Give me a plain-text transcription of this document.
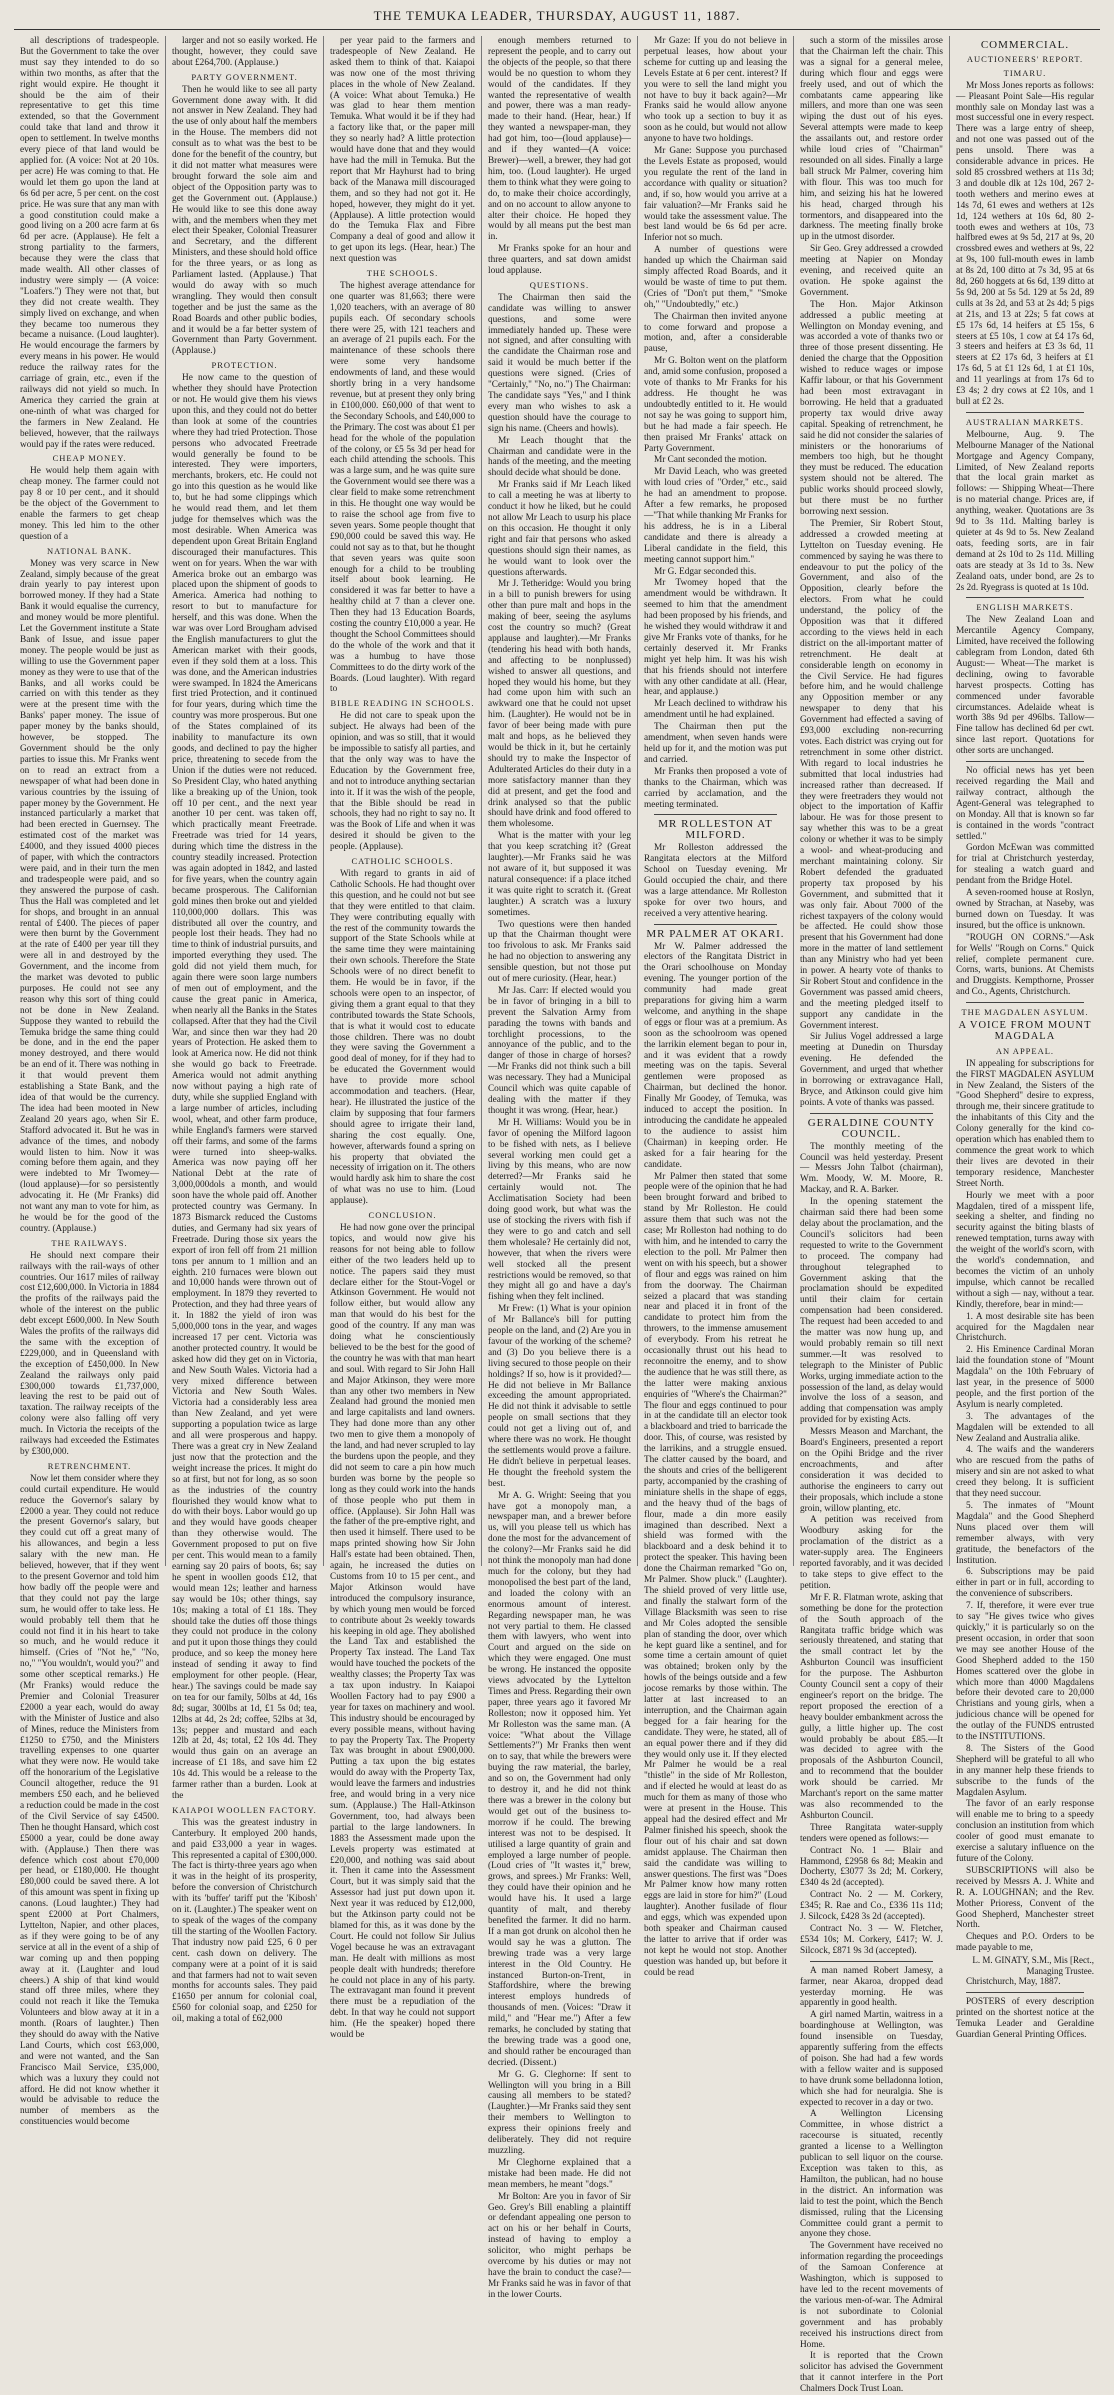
THE TEMUKA LEADER, THURSDAY, AUGUST 11, 1887.

all descriptions of tradespeople. But the Government to take the over must say they intended to do so within two months, as after that the right would expire. He thought it should be the aim of their representative to get this time extended, so that the Government could take that land and throw it open to settlement. In twelve months every piece of that land would be applied for. (A voice: Not at 20 10s. per acre) He was coming to that. He would let them go upon the land at 6s 6d per acre, 5 per cent. on the cost price. He was sure that any man with a good constitution could make a good living on a 200 acre farm at 6s 6d per acre. (Applause). He felt a strong partiality to the farmers, because they were the class that made wealth. All other classes of industry were simply — (A voice: "Loafers.") They were not that, but they did not create wealth. They simply lived on exchange, and when they became too numerous they became a nuisance. (Loud laughter). He would encourage the farmers by every means in his power. He would reduce the railway rates for the carriage of grain, etc., even if the railways did not yield so much. In America they carried the grain at one-ninth of what was charged for the farmers in New Zealand. He believed, however, that the railways would pay if the rates were reduced.

CHEAP MONEY.

He would help them again with cheap money. The farmer could not pay 8 or 10 per cent., and it should be the object of the Government to enable the farmers to get cheap money. This led him to the other question of a

NATIONAL BANK.

Money was very scarce in New Zealand, simply because of the great drain yearly to pay interest upon borrowed money. If they had a State Bank it would equalise the currency, and money would be more plentiful. Let the Government institute a State Bank of Issue, and issue paper money. The people would be just as willing to use the Government paper money as they were to use that of the Banks, and all works could be carried on with this tender as they were at the present time with the Banks' paper money. The issue of paper money by the banks should, however, be stopped. The Government should be the only parties to issue this. Mr Franks went on to read an extract from a newspaper of what had been done in various countries by the issuing of paper money by the Government. He instanced particularly a market that had been erected in Guernsey. The estimated cost of the market was £4000, and they issued 4000 pieces of paper, with which the contractors were paid, and in their turn the men and tradespeople were paid, and so they answered the purpose of cash. Thus the Hall was completed and let for shops, and brought in an annual rental of £400. The pieces of paper were then burnt by the Government at the rate of £400 per year till they were all in and destroyed by the Government, and the income from the market was devoted to public purposes. He could not see any reason why this sort of thing could not be done in New Zealand. Suppose they wanted to rebuild the Temuka bridge the same thing could be done, and in the end the paper money destroyed, and there would be an end of it. There was nothing in it that would prevent them establishing a State Bank, and the idea of that would be the currency. The idea had been mooted in New Zealand 20 years ago, when Sir E. Stafford advocated it. But he was in advance of the times, and nobody would listen to him. Now it was coming before them again, and they were indebted to Mr Twomey—(loud applause)—for so persistently advocating it. He (Mr Franks) did not want any man to vote for him, as he would be for the good of the country. (Applause.)

THE RAILWAYS.

He should next compare their railways with the rail-ways of other countries. Our 1617 miles of railway cost £12,600,000. In Victoria in 1884 the profits of the railways paid the whole of the interest on the public debt except £600,000. In New South Wales the profits of the railways did the same with the exception of £229,000, and in Queensland with the exception of £450,000. In New Zealand the railways only paid £300,000 towards £1,737,000, leaving the rest to be paid out of taxation. The railway receipts of the colony were also falling off very much. In Victoria the receipts of the railways had exceeded the Estimates by £300,000.

RETRENCHMENT.

Now let them consider where they could curtail expenditure. He would reduce the Governor's salary by £2000 a year. They could not reduce the present Governor's salary, but they could cut off a great many of his allowances, and begin a less salary with the new man. He believed, however, that if they went to the present Governor and told him how badly off the people were and that they could not pay the large sum, he would offer to take less. He would probably tell them that he could not find it in his heart to take so much, and he would reduce it himself. (Cries of "Not he," "No, no," "You wouldn't, would you?" and some other sceptical remarks.) He (Mr Franks) would reduce the Premier and Colonial Treasurer £2000 a year each, would do away with the Minister of Justice and also of Mines, reduce the Ministers from £1250 to £750, and the Ministers travelling expenses to one quarter what they were now. He would take off the honorarium of the Legislative Council altogether, reduce the 91 members £50 each, and he believed a reduction could be made in the cost of the Civil Service of say £4500. Then he thought Hansard, which cost £5000 a year, could be done away with. (Applause.) Then there was defence which cost about £70,000 per head, or £180,000. He thought £80,000 could be saved there. A lot of this amount was spent in fixing up canons. (Loud laughter.) They had spent £2000 at Port Chalmers, Lyttelton, Napier, and other places, as if they were going to be of any service at all in the event of a ship of war coming up and then popping away at it. (Laughter and loud cheers.) A ship of that kind would stand off three miles, where they could not reach it like the Temuka Volunteers and blow away at it in a month. (Roars of laughter.) Then they should do away with the Native Land Courts, which cost £63,000, and were not wanted, and the San Francisco Mail Service, £35,000, which was a luxury they could not afford. He did not know whether it would be advisable to reduce the number of members as the constituencies would become

larger and not so easily worked. He thought, however, they could save about £264,700. (Applause.)

PARTY GOVERNMENT.

Then he would like to see all party Government done away with. It did not answer in New Zealand. They had the use of only about half the members in the House. The members did not consult as to what was the best to be done for the benefit of the country, but it did not matter what measures were brought forward the sole aim and object of the Opposition party was to get the Government out. (Applause.) He would like to see this done away with, and the members when they met elect their Speaker, Colonial Treasurer and Secretary, and the different Ministers, and these should hold office for the three years, or as long as Parliament lasted. (Applause.) That would do away with so much wrangling. They would then consult together and be just the same as the Road Boards and other public bodies, and it would be a far better system of Government than Party Government. (Applause.)

PROTECTION.

He now came to the question of whether they should have Protection or not. He would give them his views upon this, and they could not do better than look at some of the countries where they had tried Protection. Those persons who advocated Freetrade would generally be found to be interested. They were importers, merchants, brokers, etc. He could not go into this question as he would like to, but he had some clippings which he would read them, and let them judge for themselves which was the most desirable. When America was dependent upon Great Britain England discouraged their manufactures. This went on for years. When the war with America broke out an embargo was placed upon the shipment of goods to America. America had nothing to resort to but to manufacture for herself, and this was done. When the war was over Lord Brougham advised the English manufacturers to glut the American market with their goods, even if they sold them at a loss. This was done, and the American industries were swamped. In 1824 the Americans first tried Protection, and it continued for four years, during which time the country was more prosperous. But one of the States complained of its inability to manufacture its own goods, and declined to pay the higher price, threatening to secede from the Union if the duties were not reduced. So President Clay, who hated anything like a breaking up of the Union, took off 10 per cent., and the next year another 10 per cent. was taken off, which practically meant Freetrade. Freetrade was tried for 14 years, during which time the distress in the country steadily increased. Protection was again adopted in 1842, and lasted for five years, when the country again became prosperous. The Californian gold mines then broke out and yielded 110,000,000 dollars. This was distributed all over the country, and people lost their heads. They had no time to think of industrial pursuits, and imported everything they used. The gold did not yield them much, for again there were soon large numbers of men out of employment, and the cause the great panic in America, when nearly all the Banks in the States collapsed. After that they had the Civil War, and since then war they had 20 years of Protection. He asked them to look at America now. He did not think she would go back to Freetrade. America would not admit anything now without paying a high rate of duty, while she supplied England with a large number of articles, including wool, wheat, and other farm produce, while England's farmers were starved off their farms, and some of the farms were turned into sheep-walks. America was now paying off her National Debt at the rate of 3,000,000dols a month, and would soon have the whole paid off. Another protected country was Germany. In 1873 Bismarck reduced the Customs duties, and Germany had six years of Freetrade. During those six years the export of iron fell off from 21 million tons per annum to 1 million and an eighth. 210 furnaces were blown out and 10,000 hands were thrown out of employment. In 1879 they reverted to Protection, and they had three years of it. In 1882 the yield of iron was 5,000,000 tons in the year, and wages increased 17 per cent. Victoria was another protected country. It would be asked how did they get on in Victoria, and New South Wales. Victoria had a very mixed difference between Victoria and New South Wales. Victoria had a considerably less area than New Zealand, and yet were supporting a population twice as large and all were prosperous and happy. There was a great cry in New Zealand just now that the protection and the weight increase the prices. It might do so at first, but not for long, as so soon as the industries of the country flourished they would know what to do with their boys. Labor would go up and they would have goods cheaper than they otherwise would. The Government proposed to put on five per cent. This would mean to a family earning say 20 pairs of boots, 6s; say he spent in woollen goods £12, that would mean 12s; leather and harness say would be 10s; other things, say 10s; making a total of £1 18s. They should take the duties off those things they could not produce in the colony and put it upon those things they could produce, and so keep the money here instead of sending it away to find employment for other people. (Hear, hear.) The savings could be made say on tea for our family, 50lbs at 4d, 16s 8d; sugar, 300lbs at 1d, £1 5s 0d; tea, 12lbs at 4d, 2s 2d; coffee, 52lbs at 3d, 13s; pepper and mustard and each 12lb at 2d, 4s; total, £2 10s 4d. They would thus gain on an average an increase of £1 18s, and save him £2 10s 4d. This would be a release to the farmer rather than a burden. Look at the

KAIAPOI WOOLLEN FACTORY.

This was the greatest industry in Canterbury. It employed 200 hands, and paid £33,000 a year in wages. This represented a capital of £300,000. The fact is thirty-three years ago when it was in the height of its prosperity, before the conversion of Christchurch with its 'buffer' tariff put the 'Kibosh' on it. (Laughter.) The speaker went on to speak of the wages of the company till the starting of the Woollen Factory. That industry now paid £25, 6 0 per cent. cash down on delivery. The company were at a point of it is said and that farmers had not to wait seven months for accounts sales. They paid £1650 per annum for colonial coal, £560 for colonial soap, and £250 for oil, making a total of £62,000

per year paid to the farmers and tradespeople of New Zealand. He asked them to think of that. Kaiapoi was now one of the most thriving places in the whole of New Zealand. (A voice: What about Temuka.) He was glad to hear them mention Temuka. What would it be if they had a factory like that, or the paper mill they so nearly had? A little protection would have done that and they would have had the mill in Temuka. But the report that Mr Hayhurst had to bring back of the Manawa mill discouraged them, and so they had not got it. He hoped, however, they might do it yet. (Applause). A little protection would do the Temuka Flax and Fibre Company a deal of good and allow it to get upon its legs. (Hear, hear.) The next question was

THE SCHOOLS.

The highest average attendance for one quarter was 81,663; there were 1,020 teachers, with an average of 80 pupils each. Of secondary schools there were 25, with 121 teachers and an average of 21 pupils each. For the maintenance of these schools there were some very handsome endowments of land, and these would shortly bring in a very handsome revenue, but at present they only bring in £100,000. £60,000 of that went to the Secondary Schools, and £40,000 to the Primary. The cost was about £1 per head for the whole of the population of the colony, or £5 5s 3d per head for each child attending the schools. This was a large sum, and he was quite sure the Government would see there was a clear field to make some retrenchment in this. He thought one way would be to raise the school age from five to seven years. Some people thought that £90,000 could be saved this way. He could not say as to that, but he thought that seven years was quite soon enough for a child to be troubling itself about book learning. He considered it was far better to have a healthy child at 7 than a clever one. Then they had 13 Education Boards, costing the country £10,000 a year. He thought the School Committees should do the whole of the work and that it was a humbug to have those Committees to do the dirty work of the Boards. (Loud laughter). With regard to

BIBLE READING IN SCHOOLS.

He did not care to speak upon the subject. He always had been of the opinion, and was so still, that it would be impossible to satisfy all parties, and that the only way was to have the Education by the Government free, and not to introduce anything sectarian into it. If it was the wish of the people, that the Bible should be read in schools, they had no right to say no. It was the Book of Life and when it was desired it should be given to the people. (Applause).

CATHOLIC SCHOOLS.

With regard to grants in aid of Catholic Schools. He had thought over this question, and he could not but see that they were entitled to that claim. They were contributing equally with the rest of the community towards the support of the State Schools while at the same time they were maintaining their own schools. Therefore the State Schools were of no direct benefit to them. He would be in favor, if the schools were open to an inspector, of giving them a grant equal to that they contributed towards the State Schools, that is what it would cost to educate those children. There was no doubt they were saving the Government a good deal of money, for if they had to be educated the Government would have to provide more school accommodation and teachers. (Hear, hear). He illustrated the justice of the claim by supposing that four farmers should agree to irrigate their land, sharing the cost equally. One, however, afterwards found a spring on his property that obviated the necessity of irrigation on it. The others would hardly ask him to share the cost of what was no use to him. (Loud applause).

CONCLUSION.

He had now gone over the principal topics, and would now give his reasons for not being able to follow either of the two leaders held up to notice. The papers said they must declare either for the Stout-Vogel or Atkinson Government. He would not follow either, but would allow any man that would do his best for the good of the country. If any man was doing what he conscientiously believed to be the best for the good of the country he was with that man heart and soul. With regard to Sir John Hall and Major Atkinson, they were more than any other two members in New Zealand had ground the monied men and large capitalists and land owners. They had done more than any other two men to give them a monopoly of the land, and had never scrupled to lay the burdens upon the people, and they did not seem to care a pin how much burden was borne by the people so long as they could work into the hands of those people who put them in office. (Applause). Sir John Hall was the father of the pre-emptive right, and then used it himself. There used to be maps printed showing how Sir John Hall's estate had been obtained. Then, again, he increased the duties on Customs from 10 to 15 per cent., and Major Atkinson would have introduced the compulsory insurance, by which young men would be forced to contribute about 2s weekly towards his keeping in old age. They abolished the Land Tax and established the Property Tax instead. The Land Tax would have touched the pockets of the wealthy classes; the Property Tax was a tax upon industry. In Kaiapoi Woollen Factory had to pay £900 a year for taxes on machinery and wool. This industry should be encouraged by every possible means, without having to pay the Property Tax. The Property Tax was brought in about £900,000. Putting a tax upon the big estates would do away with the Property Tax, would leave the farmers and industries free, and would bring in a very nice sum. (Applause.) The Hall-Atkinson Government, too, had always been partial to the large landowners. In 1883 the Assessment made upon the Levels property was estimated at £20,000, and nothing was said about it. Then it came into the Assessment Court, but it was simply said that the Assessor had just put down upon it. Next year it was reduced by £12,000, but the Atkinson party could not be blamed for this, as it was done by the Court. He could not follow Sir Julius Vogel because he was an extravagant man. He dealt with millions as most people dealt with hundreds; therefore he could not place in any of his party. The extravagant man found it prevent there must be a repudiation of the debt. In that way he could not support him. (He the speaker) hoped there would be

enough members returned to represent the people, and to carry out the objects of the people, so that there would be no question to whom they would of the candidates. If they wanted the representative of wealth and power, there was a man ready-made to their hand. (Hear, hear.) If they wanted a newspaper-man, they had got him, too—(loud applause)—and if they wanted—(A voice: Brewer)—well, a brewer, they had got him, too. (Loud laughter). He urged them to think what they were going to do, to make their choice accordingly, and on no account to allow anyone to alter their choice. He hoped they would by all means put the best man in.

Mr Franks spoke for an hour and three quarters, and sat down amidst loud applause.

QUESTIONS.

The Chairman then said the candidate was willing to answer questions, and some were immediately handed up. These were not signed, and after consulting with the candidate the Chairman rose and said it would be much better if the questions were signed. (Cries of "Certainly," "No, no.") The Chairman: The candidate says "Yes," and I think every man who wishes to ask a question should have the courage to sign his name. (Cheers and howls).

Mr Leach thought that the Chairman and candidate were in the hands of the meeting, and the meeting should decide what should be done.

Mr Franks said if Mr Leach liked to call a meeting he was at liberty to conduct it how he liked, but he could not allow Mr Leach to usurp his place on this occasion. He thought it only right and fair that persons who asked questions should sign their names, as he would want to look over the questions afterwards.

Mr J. Tetheridge: Would you bring in a bill to punish brewers for using other than pure malt and hops in the making of beer, seeing the asylums cost the country so much? (Great applause and laughter).—Mr Franks (tendering his head with both hands, and affecting to be nonplussed) wished to answer all questions, and hoped they would his home, but they had come upon him with such an awkward one that he could not upset him. (Laughter). He would not be in favor of beer being made with pure malt and hops, as he believed they would be thick in it, but he certainly should try to make the Inspector of Adulterated Articles do their duty in a more satisfactory manner than they did at present, and get the food and drink analysed so that the public should have drink and food offered to them wholesome.

What is the matter with your leg that you keep scratching it? (Great laughter).—Mr Franks said he was not aware of it, but supposed it was natural consequence: if a place itched it was quite right to scratch it. (Great laughter.) A scratch was a luxury sometimes.

Two questions were then handed up that the Chairman thought were too frivolous to ask. Mr Franks said he had no objection to answering any sensible question, but not those put out of mere curiosity. (Hear, hear.)

Mr Jas. Carr: If elected would you be in favor of bringing in a bill to prevent the Salvation Army from parading the towns with bands and torchlight processions, to the annoyance of the public, and to the danger of those in charge of horses?—Mr Franks did not think such a bill was necessary. They had a Municipal Council which was quite capable of dealing with the matter if they thought it was wrong. (Hear, hear.)

Mr H. Williams: Would you be in favor of opening the Milford lagoon to be fished with nets, as I believe several working men could get a living by this means, who are now deterred?—Mr Franks said he certainly would not. The Acclimatisation Society had been doing good work, but what was the use of stocking the rivers with fish if they were to go and catch and sell them wholesale? He certainly did not, however, that when the rivers were well stocked all the present restrictions would be removed, so that they might all go and have a day's fishing when they felt inclined.

Mr Frew: (1) What is your opinion of Mr Ballance's bill for putting people on the land, and (2) Are you in favour of the working of the scheme? and (3) Do you believe there is a living secured to those people on their holdings? If so, how is it provided?—He did not believe in Mr Ballance exceeding the amount appropriated. He did not think it advisable to settle people on small sections that they could not get a living out of, and where there was no work. He thought the settlements would prove a failure. He didn't believe in perpetual leases. He thought the freehold system the best.

Mr A. G. Wright: Seeing that you have got a monopoly man, a newspaper man, and a brewer before us, will you please tell us which has done the most for the advancement of the colony?—Mr Franks said he did not think the monopoly man had done much for the colony, but they had monopolised the best part of the land, and loaded the colony with an enormous amount of interest. Regarding newspaper man, he was not very partial to them. He classed them with lawyers, who went into Court and argued on the side on which they were engaged. One must be wrong. He instanced the opposite views advocated by the Lyttelton Times and Press. Regarding their own paper, three years ago it favored Mr Rolleston; now it opposed him. Yet Mr Rolleston was the same man. (A voice: "What about the Village Settlements?") Mr Franks then went on to say, that while the brewers were buying the raw material, the barley, and so on, the Government had only to destroy it, and he did not think there was a brewer in the colony but would get out of the business to-morrow if he could. The brewing interest was not to be despised. It utilised a large quantity of grain and employed a large number of people. (Loud cries of "It wastes it," brew, grows, and sprees.) Mr Franks: Well, they could have their opinion and he would have his. It used a large quantity of malt, and thereby benefited the farmer. It did no harm. If a man got drunk on alcohol then he would say he was a glutton. The brewing trade was a very large interest in the Old Country. He instanced Burton-on-Trent, in Staffordshire, where the brewing interest employs hundreds of thousands of men. (Voices: "Draw it mild," and "Hear me.") After a few remarks, he concluded by stating that the brewing trade was a good one, and should rather be encouraged than decried. (Dissent.)

Mr G. G. Cleghorne: If sent to Wellington will you bring in a Bill causing all members to be stated? (Laughter.)—Mr Franks said they sent their members to Wellington to express their opinions freely and deliberately. They did not require muzzling.

Mr Cleghorne explained that a mistake had been made. He did not mean members, he meant "dogs."

Mr Bolton: Are you in favor of Sir Geo. Grey's Bill enabling a plaintiff or defendant appealing one person to act on his or her behalf in Courts, instead of having to employ a solicitor, who might perhaps be overcome by his duties or may not have the brain to conduct the case?—Mr Franks said he was in favor of that in the lower Courts.

Mr Gaze: If you do not believe in perpetual leases, how about your scheme for cutting up and leasing the Levels Estate at 6 per cent. interest? If you were to sell the land might you not have to buy it back again?—Mr Franks said he would allow anyone who took up a section to buy it as soon as he could, but would not allow anyone to have two holdings.

Mr Gane: Suppose you purchased the Levels Estate as proposed, would you regulate the rent of the land in accordance with quality or situation? and, if so, how would you arrive at a fair valuation?—Mr Franks said he would take the assessment value. The best land would be 6s 6d per acre. Inferior not so much.

A number of questions were handed up which the Chairman said simply affected Road Boards, and it would be waste of time to put them. (Cries of "Don't put them," "Smoke oh," "Undoubtedly," etc.)

The Chairman then invited anyone to come forward and propose a motion, and, after a considerable pause,

Mr G. Bolton went on the platform and, amid some confusion, proposed a vote of thanks to Mr Franks for his address. He thought he was undoubtedly entitled to it. He would not say he was going to support him, but he had made a fair speech. He then praised Mr Franks' attack on Party Government.

Mr Cant seconded the motion.

Mr David Leach, who was greeted with loud cries of "Order," etc., said he had an amendment to propose. After a few remarks, he proposed—"That while thanking Mr Franks for his address, he is in a Liberal candidate and there is already a Liberal candidate in the field, this meeting cannot support him."

Mr G. Edgar seconded this.

Mr Twomey hoped that the amendment would be withdrawn. It seemed to him that the amendment had been proposed by his friends, and he wished they would withdraw it and give Mr Franks vote of thanks, for he certainly deserved it. Mr Franks might yet help him. It was his wish that his friends should not interfere with any other candidate at all. (Hear, hear, and applause.)

Mr Leach declined to withdraw his amendment until he had explained.

The Chairman then put the amendment, when seven hands were held up for it, and the motion was put and carried.

Mr Franks then proposed a vote of thanks to the Chairman, which was carried by acclamation, and the meeting terminated.

MR ROLLESTON AT MILFORD.

Mr Rolleston addressed the Rangitata electors at the Milford School on Tuesday evening. Mr Gould occupied the chair, and there was a large attendance. Mr Rolleston spoke for over two hours, and received a very attentive hearing.

MR PALMER AT OKARI.

Mr W. Palmer addressed the electors of the Rangitata District in the Orari schoolhouse on Monday evening. The younger portion of the community had made great preparations for giving him a warm welcome, and anything in the shape of eggs or flour was at a premium. As soon as the schoolroom was opened the larrikin element began to pour in, and it was evident that a rowdy meeting was on the tapis. Several gentlemen were proposed as Chairman, but declined the honor. Finally Mr Goodey, of Temuka, was induced to accept the position. In introducing the candidate he appealed to the audience to assist him (Chairman) in keeping order. He asked for a fair hearing for the candidate.

Mr Palmer then stated that some people were of the opinion that he had been brought forward and bribed to stand by Mr Rolleston. He could assure them that such was not the case; Mr Rolleston had nothing to do with him, and he intended to carry the election to the poll. Mr Palmer then went on with his speech, but a shower of flour and eggs was rained on him from the doorway. The Chairman seized a placard that was standing near and placed it in front of the candidate to protect him from the throwers, to the immense amusement of everybody. From his retreat he occasionally thrust out his head to reconnoitre the enemy, and to show the audience that he was still there, as the latter were making anxious enquiries of "Where's the Chairman?" The flour and eggs continued to pour in at the candidate till an elector took a blackboard and tried to barricade the door. This, of course, was resisted by the larrikins, and a struggle ensued. The clatter caused by the board, and the shouts and cries of the belligerent party, accompanied by the crashing of miniature shells in the shape of eggs, and the heavy thud of the bags of flour, made a din more easily imagined than described. Next a shield was formed with the blackboard and a desk behind it to protect the speaker. This having been done the Chairman remarked "Go on, Mr Palmer. Show pluck." (Laughter). The shield proved of very little use, and finally the stalwart form of the Village Blacksmith was seen to rise and Mr Coles adopted the sensible plan of standing the door, over which he kept guard like a sentinel, and for some time a certain amount of quiet was obtained; broken only by the howls of the beings outside and a few jocose remarks by those within. The latter at last increased to an interruption, and the Chairman again begged for a fair hearing for the candidate. They were, he stated, all of an equal power there and if they did they would only use it. If they elected Mr Palmer he would be a real "thistle" in the side of Mr Rolleston, and if elected he would at least do as much for them as many of those who were at present in the House. This appeal had the desired effect and Mr Palmer finished his speech, shook the flour out of his chair and sat down amidst applause. The Chairman then said the candidate was willing to answer questions. The first was "Does Mr Palmer know how many rotten eggs are laid in store for him?" (Loud laughter). Another fusilade of flour and eggs, which was expended upon both speaker and Chairman caused the latter to arrive that if order was not kept he would not stop. Another question was handed up, but before it could be read

such a storm of the missiles arose that the Chairman left the chair. This was a signal for a general melee, during which flour and eggs were freely used, and out of which the combatants came appearing like millers, and more than one was seen wiping the dust out of his eyes. Several attempts were made to keep the assailants out, and restore order while loud cries of "Chairman" resounded on all sides. Finally a large ball struck Mr Palmer, covering him with flour. This was too much for him, and seizing his hat he lowered his head, charged through his tormentors, and disappeared into the darkness. The meeting finally broke up in the utmost disorder.

Sir Geo. Grey addressed a crowded meeting at Napier on Monday evening, and received quite an ovation. He spoke against the Government.

The Hon. Major Atkinson addressed a public meeting at Wellington on Monday evening, and was accorded a vote of thanks two or three of those present dissenting. He denied the charge that the Opposition wished to reduce wages or impose Kaffir labour, or that his Government had been most extravagant in borrowing. He held that a graduated property tax would drive away capital. Speaking of retrenchment, he said he did not consider the salaries of ministers or the honorariums of members too high, but he thought they must be reduced. The education system should not be altered. The public works should proceed slowly, but there must be no further borrowing next session.

The Premier, Sir Robert Stout, addressed a crowded meeting at Lyttelton on Tuesday evening. He commenced by saying he was there to endeavour to put the policy of the Government, and also of the Opposition, clearly before the electors. From what he could understand, the policy of the Opposition was that it differed according to the views held in each district on the all-important matter of retrenchment. He dealt at considerable length on economy in the Civil Service. He had figures before him, and he would challenge any Opposition member or any newspaper to deny that his Government had effected a saving of £93,000 excluding non-recurring votes. Each district was crying out for retrenchment in some other district. With regard to local industries he submitted that local industries had increased rather than decreased. If they were freetraders they would not object to the importation of Kaffir labour. He was for those present to say whether this was to be a great colony or whether it was to be simply a wool- and wheat-producing and merchant maintaining colony. Sir Robert defended the graduated property tax proposed by his Government, and submitted that it was only fair. About 7000 of the richest taxpayers of the colony would be affected. He could show those present that his Government had done more in the matter of land settlement than any Ministry who had yet been in power. A hearty vote of thanks to Sir Robert Stout and confidence in the Government was passed amid cheers, and the meeting pledged itself to support any candidate in the Government interest.

Sir Julius Vogel addressed a large meeting at Dunedin on Thursday evening. He defended the Government, and urged that whether in borrowing or extravagance Hall, Bryce, and Atkinson could give him points. A vote of thanks was passed.

GERALDINE COUNTY COUNCIL.

The monthly meeting of the Council was held yesterday. Present — Messrs John Talbot (chairman), Wm. Moody, W. M. Moore, R. Mackay, and R. A. Barker.

In the opening statement the chairman said there had been some delay about the proclamation, and the Council's solicitors had been requested to write to the Government to proceed. The company had throughout telegraphed to Government asking that the proclamation should be expedited until their claim for certain compensation had been considered. The request had been acceded to and the matter was now hung up, and would probably remain so till next summer.—It was resolved to telegraph to the Minister of Public Works, urging immediate action to the possession of the land, as delay would involve the loss of a season, and adding that compensation was amply provided for by existing Acts.

Messrs Meason and Marchant, the Board's Engineers, presented a report on the Opihi Bridge and the river encroachments, and after consideration it was decided to authorise the engineers to carry out their proposals, which include a stone groin, willow planting, etc.

A petition was received from Woodbury asking for the proclamation of the district as a water-supply area. The Engineers reported favorably, and it was decided to take steps to give effect to the petition.

Mr F. R. Flatman wrote, asking that something be done for the protection of the South approach of the Rangitata traffic bridge which was seriously threatened, and stating that the small contract let by the Ashburton Council was insufficient for the purpose. The Ashburton County Council sent a copy of their engineer's report on the bridge. The report proposed the erection of a heavy boulder embankment across the gully, a little higher up. The cost would probably be about £85.—It was decided to agree with the proposals of the Ashburton Council, and to recommend that the boulder work should be carried. Mr Marchant's report on the same matter was also recommended to the Ashburton Council.

Three Rangitata water-supply tenders were opened as follows:—

Contract No. 1 — Blair and Hammond, £2958 6s 8d; Meakin and Docherty, £3077 3s 2d; M. Corkery, £340 4s 2d (accepted).

Contract No. 2 — M. Corkery, £345; R. Rae and Co., £336 11s 11d; J. Silcock, £428 3s 2d (accepted).

Contract No. 3 — W. Fletcher, £534 10s; M. Corkery, £417; W. J. Silcock, £871 9s 3d (accepted).

A man named Robert Jamesy, a farmer, near Akaroa, dropped dead yesterday morning. He was apparently in good health.

A girl named Martin, waitress in a boardinghouse at Wellington, was found insensible on Tuesday, apparently suffering from the effects of poison. She had had a few words with a fellow waiter and is supposed to have drunk some belladonna lotion, which she had for neuralgia. She is expected to recover in a day or two.

A Wellington Licensing Committee, in whose district a racecourse is situated, recently granted a license to a Wellington publican to sell liquor on the course. Exception was taken to this, as Hamilton, the publican, had no house in the district. An information was laid to test the point, which the Bench dismissed, ruling that the Licensing Committee could grant a permit to anyone they chose.

The Government have received no information regarding the proceedings of the Samoan Conference at Washington, which is supposed to have led to the recent movements of the various men-of-war. The Admiral is not subordinate to Colonial government and has probably received his instructions direct from Home.

It is reported that the Crown solicitor has advised the Government that it cannot interfere in the Port Chalmers Dock Trust Loan.

COMMERCIAL.
AUCTIONEERS' REPORT.
TIMARU.

Mr Moss Jones reports as follows:— Pleasant Point Sale—His regular monthly sale on Monday last was a most successful one in every respect. There was a large entry of sheep, and not one was passed out of the pens unsold. There was a considerable advance in prices. He sold 85 crossbred wethers at 11s 3d; 3 and double dlk at 12s 10d, 267 2-tooth wethers and merino ewes at 14s 7d, 61 ewes and wethers at 12s 1d, 124 wethers at 10s 6d, 80 2-tooth ewes and wethers at 10s, 73 halfbred ewes at 9s 5d, 217 at 9s, 20 crossbred ewes and wethers at 9s, 22 at 9s, 100 full-mouth ewes in lamb at 8s 2d, 100 ditto at 7s 3d, 95 at 6s 8d, 260 hoggets at 6s 6d, 139 ditto at 5s 9d, 200 at 5s 5d. 129 at 5s 2d, 89 culls at 3s 2d, and 53 at 2s 4d; 5 pigs at 21s, and 13 at 22s; 5 fat cows at £5 17s 6d, 14 heifers at £5 15s, 6 steers at £5 10s, 1 cow at £4 17s 6d, 3 steers and heifers at £3 3s 6d, 11 steers at £2 17s 6d, 3 heifers at £1 17s 6d, 5 at £1 12s 6d, 1 at £1 10s, and 11 yearlings at from 17s 6d to £3 4s; 2 dry cows at £2 10s, and 1 bull at £2 2s.

AUSTRALIAN MARKETS.

Melbourne, Aug. 9. The Melbourne Manager of the National Mortgage and Agency Company, Limited, of New Zealand reports that the local grain market as follows: — Shipping Wheat—There is no material change. Prices are, if anything, weaker. Quotations are 3s 9d to 3s 11d. Malting barley is quieter at 4s 9d to 5s. New Zealand oats, feeding sorts, are in fair demand at 2s 10d to 2s 11d. Milling oats are steady at 3s 1d to 3s. New Zealand oats, under bond, are 2s to 2s 2d. Ryegrass is quoted at 1s 10d.

ENGLISH MARKETS.

The New Zealand Loan and Mercantile Agency Company, Limited, have received the following cablegram from London, dated 6th August:— Wheat—The market is declining, owing to favorable harvest prospects. Cotting has commenced under favorable circumstances. Adelaide wheat is worth 38s 9d per 496lbs. Tallow—Fine tallow has declined 6d per cwt. since last report. Quotations for other sorts are unchanged.

No official news has yet been received regarding the Mail and railway contract, although the Agent-General was telegraphed to on Monday. All that is known so far is contained in the words "contract settled."

Gordon McEwan was committed for trial at Christchurch yesterday, for stealing a watch guard and pendant from the Bridge Hotel.

A seven-roomed house at Roslyn, owned by Strachan, at Naseby, was burned down on Tuesday. It was insured, but the office is unknown.

"ROUGH ON CORNS."—Ask for Wells' "Rough on Corns." Quick relief, complete permanent cure. Corns, warts, bunions. At Chemists and Druggists. Kempthorne, Prosser and Co., Agents, Christchurch.

THE MAGDALEN ASYLUM.
A VOICE FROM MOUNT MAGDALA
AN APPEAL.

IN appealing for subscriptions for the FIRST MAGDALEN ASYLUM in New Zealand, the Sisters of the "Good Shepherd" desire to express, through me, their sincere gratitude to the inhabitants of this City and the Colony generally for the kind co-operation which has enabled them to commence the great work to which their lives are devoted in their temporary residence, Manchester Street North.

Hourly we meet with a poor Magdalen, tired of a misspent life, seeking a shelter, and finding no security against the biting blasts of renewed temptation, turns away with the weight of the world's scorn, with the world's condemnation, and becomes the victim of an unholy impulse, which cannot be recalled without a sigh — nay, without a tear. Kindly, therefore, bear in mind:—

1. A most desirable site has been acquired for the Magdalen near Christchurch.

2. His Eminence Cardinal Moran laid the foundation stone of "Mount Magdala" on the 10th February of last year, in the presence of 5000 people, and the first portion of the Asylum is nearly completed.

3. The advantages of the Magdalen will be extended to all New Zealand and Australia alike.

4. The waifs and the wanderers who are rescued from the paths of misery and sin are not asked to what creed they belong. It is sufficient that they need succour.

5. The inmates of "Mount Magdala" and the Good Shepherd Nuns placed over them will remember always, with very gratitude, the benefactors of the Institution.

6. Subscriptions may be paid either in part or in full, according to the convenience of subscribers.

7. If, therefore, it were ever true to say "He gives twice who gives quickly," it is particularly so on the present occasion, in order that soon we may see another House of the Good Shepherd added to the 150 Homes scattered over the globe in which more than 4000 Magdalens before their devoted care to 20,000 Christians and young girls, when a judicious chance will be opened for the outlay of the FUNDS entrusted to the INSTITUTIONS.

8. The Sisters of the Good Shepherd will be grateful to all who in any manner help these friends to subscribe to the funds of the Magdalen Asylum.

The favor of an early response will enable me to bring to a speedy conclusion an institution from which cooler of good must emanate to exercise a salutary influence on the future of the Colony.

SUBSCRIPTIONS will also be received by Messrs A. J. White and R. A. LOUGHNAN; and the Rev. Mother Prioress, Convent of the Good Shepherd, Manchester street North.

Cheques and P.O. Orders to be made payable to me,

L. M. GINATY, S.M., Mis [Rect.,
Managing Trustee.

Christchurch, May, 1887.

POSTERS of every description printed on the shortest notice at the Temuka Leader and Geraldine Guardian General Printing Offices.
